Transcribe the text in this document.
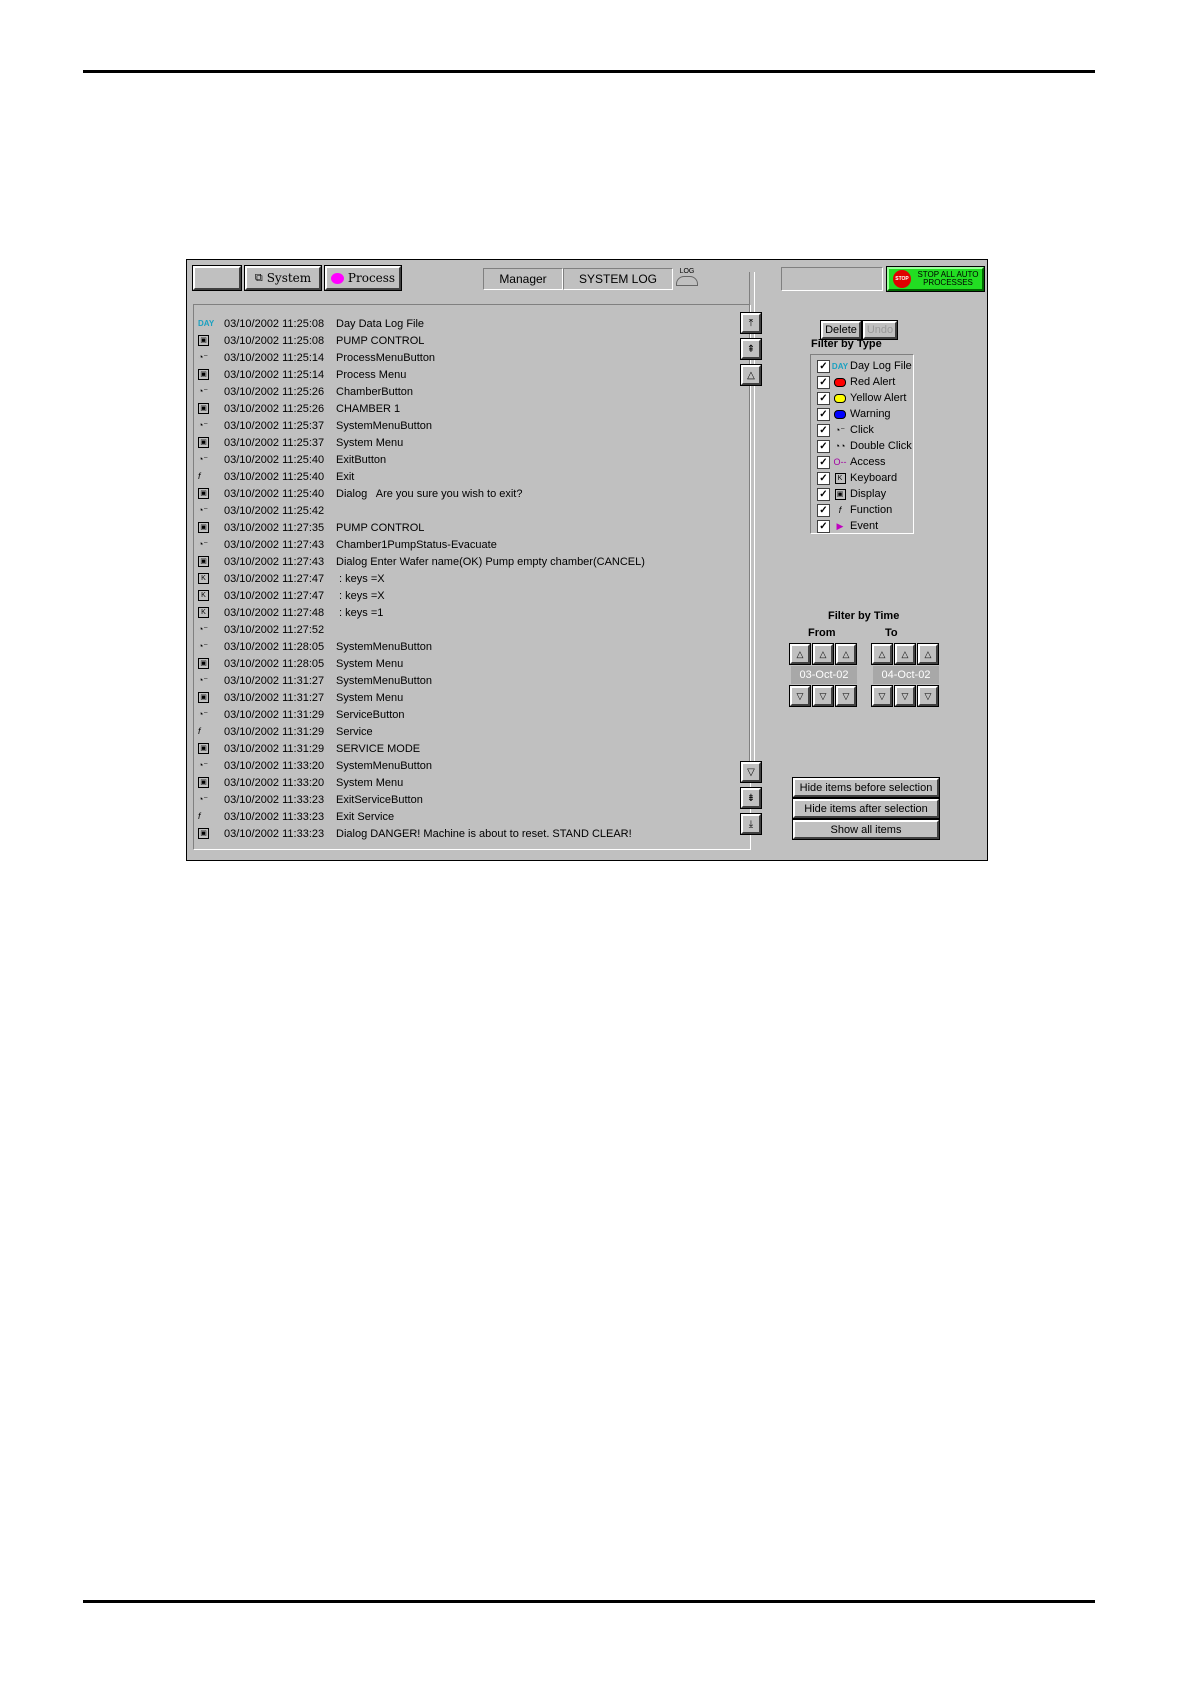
⧉ System	Process	Manager	SYSTEM LOG
LOG
STOP	STOP ALL AUTO PROCESSES
DAY 03/10/2002 11:25:08	Day Data Log File
▣ 03/10/2002 11:25:08	PUMP CONTROL
◔⁻ 03/10/2002 11:25:14	ProcessMenuButton
▣ 03/10/2002 11:25:14	Process Menu
◔⁻ 03/10/2002 11:25:26	ChamberButton
▣ 03/10/2002 11:25:26	CHAMBER 1
◔⁻ 03/10/2002 11:25:37	SystemMenuButton
▣ 03/10/2002 11:25:37	System Menu
◔⁻ 03/10/2002 11:25:40	ExitButton
f 03/10/2002 11:25:40	Exit
▣ 03/10/2002 11:25:40	Dialog   Are you sure you wish to exit?
◔⁻ 03/10/2002 11:25:42
▣ 03/10/2002 11:27:35	PUMP CONTROL
◔⁻ 03/10/2002 11:27:43	Chamber1PumpStatus-Evacuate
▣ 03/10/2002 11:27:43	Dialog Enter Wafer name(OK) Pump empty chamber(CANCEL)
K 03/10/2002 11:27:47	: keys =X
K 03/10/2002 11:27:47	: keys =X
K 03/10/2002 11:27:48	: keys =1
◔⁻ 03/10/2002 11:27:52
◔⁻ 03/10/2002 11:28:05	SystemMenuButton
▣ 03/10/2002 11:28:05	System Menu
◔⁻ 03/10/2002 11:31:27	SystemMenuButton
▣ 03/10/2002 11:31:27	System Menu
◔⁻ 03/10/2002 11:31:29	ServiceButton
f 03/10/2002 11:31:29	Service
▣ 03/10/2002 11:31:29	SERVICE MODE
◔⁻ 03/10/2002 11:33:20	SystemMenuButton
▣ 03/10/2002 11:33:20	System Menu
◔⁻ 03/10/2002 11:33:23	ExitServiceButton
f 03/10/2002 11:33:23	Exit Service
▣ 03/10/2002 11:33:23	Dialog DANGER! Machine is about to reset. STAND CLEAR!
⤒
⇞
△
▽
⇟
⤓
Delete Undo
Filter by Type
✓ DAY Day Log File
✓ Red Alert
✓ Yellow Alert
✓ Warning
✓ ◔⁻ Click
✓ ◔◔ Double Click
✓ O‑‑ Access
✓	K Keyboard
✓	▣ Display
✓ f Function
✓ ▶ Event
Filter by Time
From	To
△	△	△
03-Oct-02
▽	▽	▽
△	△	△
04-Oct-02
▽	▽	▽
Hide items before selection
Hide items after selection
Show all items
